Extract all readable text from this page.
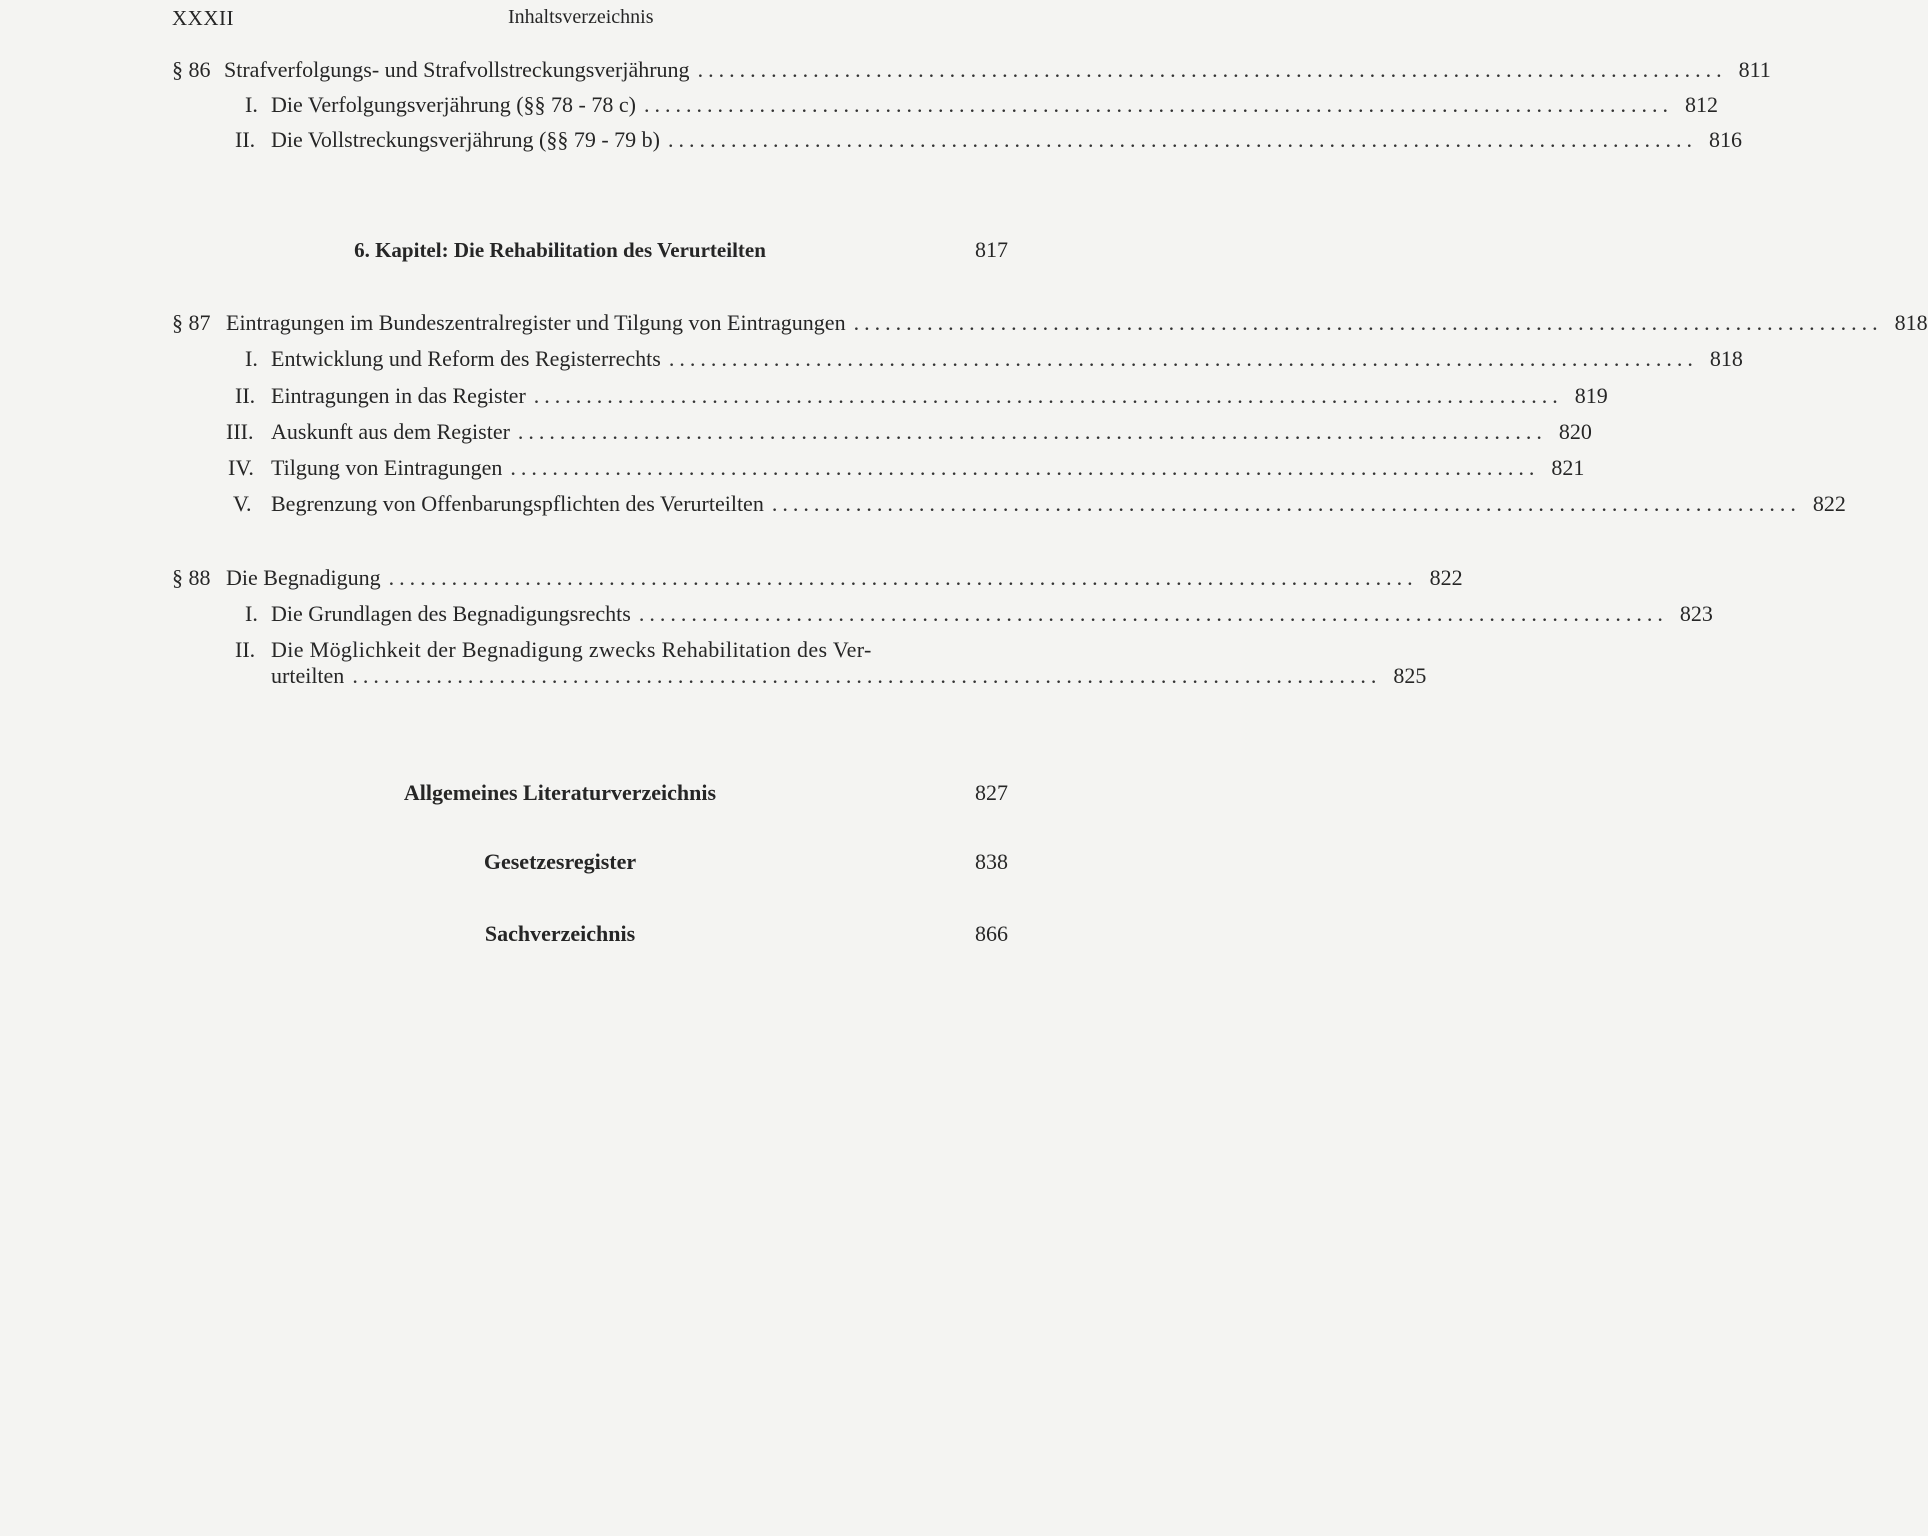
XXXII	Inhaltsverzeichnis
§ 86 Strafverfolgungs- und Strafvollstreckungsverjährung .................................................................................................. 811
I. Die Verfolgungsverjährung (§§ 78 - 78 c) .................................................................................................. 812
II. Die Vollstreckungsverjährung (§§ 79 - 79 b) .................................................................................................. 816
6. Kapitel: Die Rehabilitation des Verurteilten	817
§ 87 Eintragungen im Bundeszentralregister und Tilgung von Eintragungen .................................................................................................. 818
I. Entwicklung und Reform des Registerrechts .................................................................................................. 818
II. Eintragungen in das Register .................................................................................................. 819
III. Auskunft aus dem Register .................................................................................................. 820
IV. Tilgung von Eintragungen .................................................................................................. 821
V. Begrenzung von Offenbarungspflichten des Verurteilten .................................................................................................. 822
§ 88 Die Begnadigung .................................................................................................. 822
I. Die Grundlagen des Begnadigungsrechts .................................................................................................. 823
II. Die Möglichkeit der Begnadigung zwecks Rehabilitation des Ver-
urteilten .................................................................................................. 825
Allgemeines Literaturverzeichnis	827
Gesetzesregister	838
Sachverzeichnis	866
